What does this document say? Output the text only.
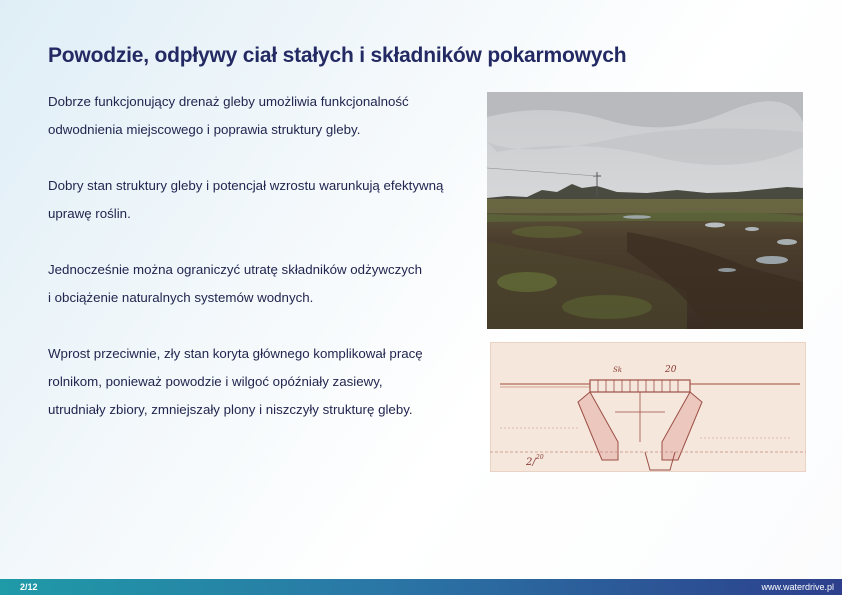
Powodzie, odpływy ciał stałych i składników pokarmowych

Dobrze funkcjonujący drenaż gleby umożliwia funkcjonalność
odwodnienia miejscowego i poprawia struktury gleby.

Dobry stan struktury gleby i potencjał wzrostu warunkują efektywną
uprawę roślin.

Jednocześnie można ograniczyć utratę składników odżywczych
i obciążenie naturalnych systemów wodnych.

Wprost przeciwnie, zły stan koryta głównego komplikował pracę
rolnikom, ponieważ powodzie i wilgoć opóźniały zasiewy,
utrudniały zbiory, zmniejszały plony i niszczyły strukturę gleby.

Sk	20
2/ 20
2/12	www.waterdrive.pl
